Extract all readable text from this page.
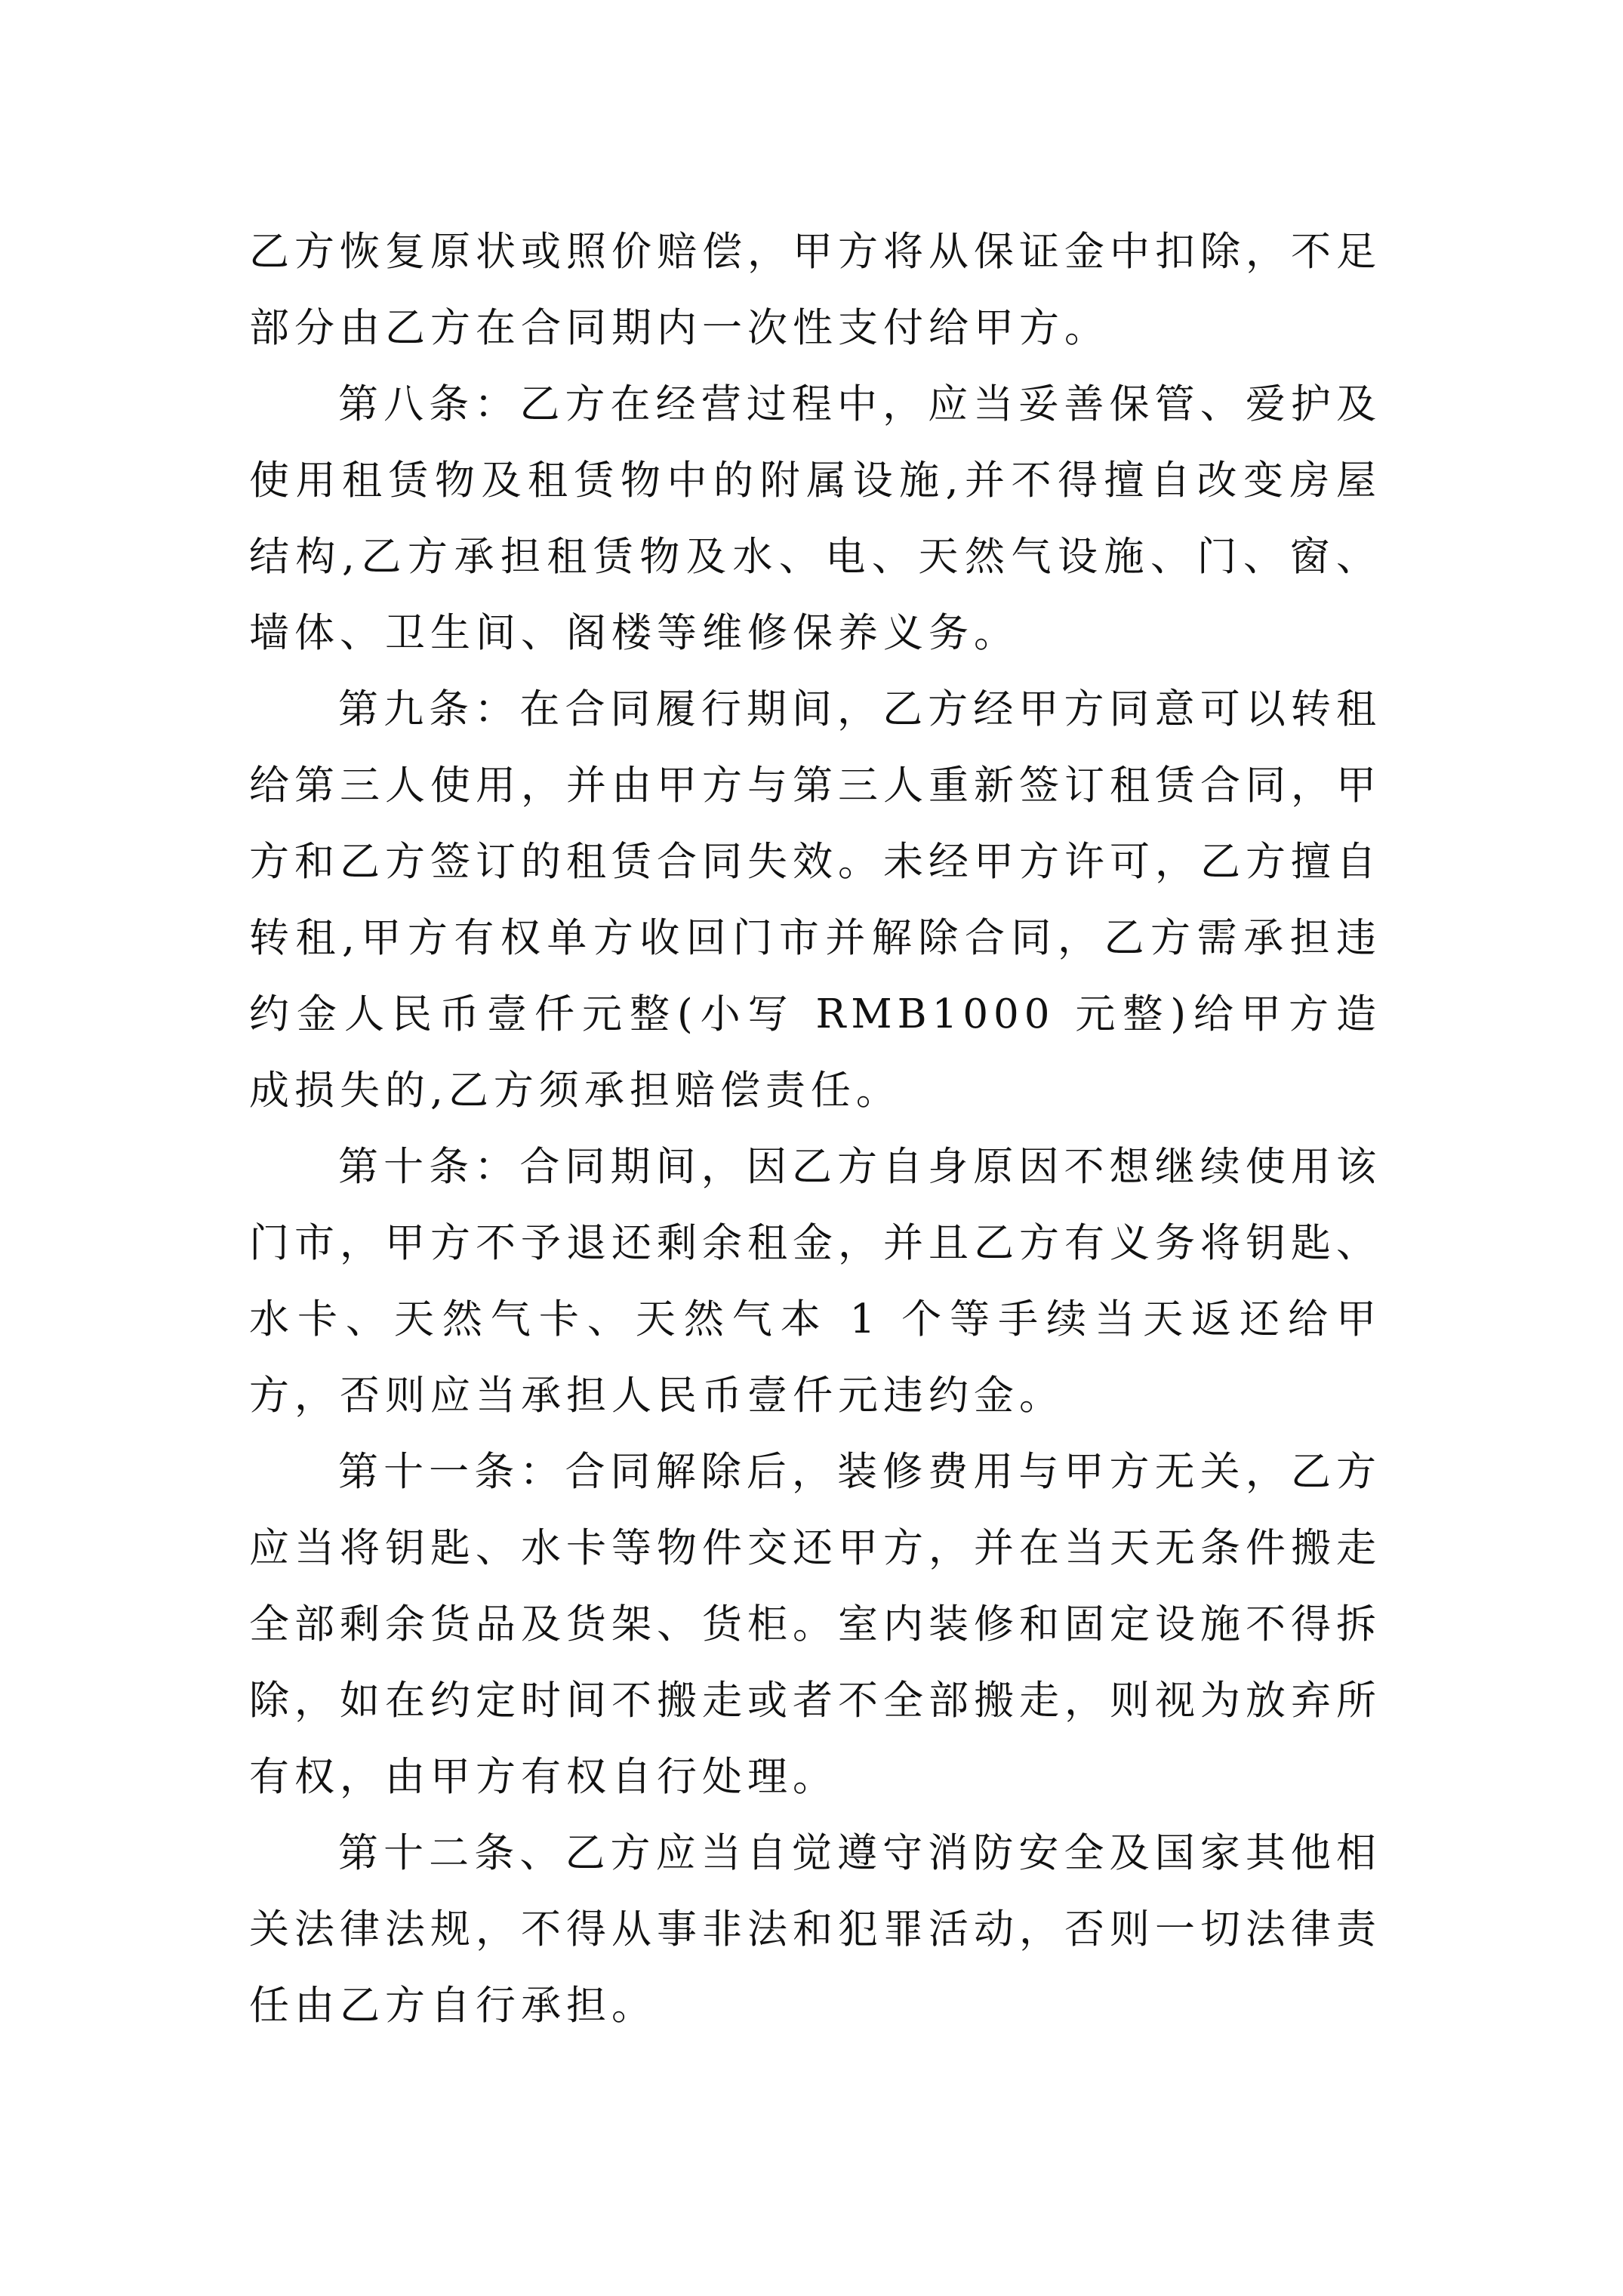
乙方恢复原状或照价赔偿，甲方将从保证金中扣除，不足部分由乙方在合同期内一次性支付给甲方。

第八条：乙方在经营过程中，应当妥善保管、爱护及使用租赁物及租赁物中的附属设施,并不得擅自改变房屋结构,乙方承担租赁物及水、电、天然气设施、门、窗、墙体、卫生间、阁楼等维修保养义务。

第九条：在合同履行期间，乙方经甲方同意可以转租给第三人使用，并由甲方与第三人重新签订租赁合同，甲方和乙方签订的租赁合同失效。未经甲方许可，乙方擅自转租,甲方有权单方收回门市并解除合同，乙方需承担违约金人民币壹仟元整(小写 RMB1000 元整)给甲方造成损失的,乙方须承担赔偿责任。

第十条：合同期间，因乙方自身原因不想继续使用该门市，甲方不予退还剩余租金，并且乙方有义务将钥匙、水卡、天然气卡、天然气本 1 个等手续当天返还给甲方，否则应当承担人民币壹仟元违约金。

第十一条：合同解除后，装修费用与甲方无关，乙方应当将钥匙、水卡等物件交还甲方，并在当天无条件搬走全部剩余货品及货架、货柜。室内装修和固定设施不得拆除，如在约定时间不搬走或者不全部搬走，则视为放弃所有权，由甲方有权自行处理。

第十二条、乙方应当自觉遵守消防安全及国家其他相关法律法规，不得从事非法和犯罪活动，否则一切法律责任由乙方自行承担。
